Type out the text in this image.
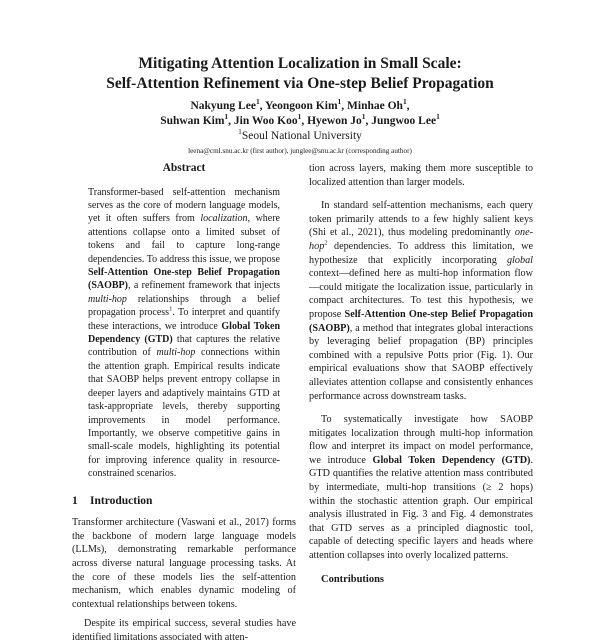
Mitigating Attention Localization in Small Scale:
Self-Attention Refinement via One-step Belief Propagation
Nakyung Lee$^1$, Yeongoon Kim$^1$, Minhae Oh$^1$,
Suhwan Kim$^1$, Jin Woo Koo$^1$, Hyewon Jo$^1$, Jungwoo Lee$^1$
$^1$Seoul National University
leena@cml.snu.ac.kr (first author), junglee@snu.ac.kr (corresponding author)
Abstract

Transformer-based self-attention mechanism serves as the core of modern language models, yet it often suffers from localization, where attentions collapse onto a limited subset of tokens and fail to capture long-range dependencies. To address this issue, we propose Self-Attention One-step Belief Propagation (SAOBP), a refinement framework that injects multi-hop relationships through a belief propagation process$^1$. To interpret and quantify these interactions, we introduce Global Token Dependency (GTD) that captures the relative contribution of multi-hop connections within the attention graph. Empirical results indicate that SAOBP helps prevent entropy collapse in deeper layers and adaptively maintains GTD at task-appropriate levels, thereby supporting improvements in model performance. Importantly, we observe competitive gains in small-scale models, highlighting its potential for improving inference quality in resource-constrained scenarios.

1 Introduction

Transformer architecture (Vaswani et al., 2017) forms the backbone of modern large language models (LLMs), demonstrating remarkable performance across diverse natural language processing tasks. At the core of these models lies the self-attention mechanism, which enables dynamic modeling of contextual relationships between tokens.

Despite its empirical success, several studies have identified limitations associated with atten-

tion across layers, making them more susceptible to localized attention than larger models.

In standard self-attention mechanisms, each query token primarily attends to a few highly salient keys (Shi et al., 2021), thus modeling predominantly one-hop$^2$ dependencies. To address this limitation, we hypothesize that explicitly incorporating global context—defined here as multi-hop information flow—could mitigate the localization issue, particularly in compact architectures. To test this hypothesis, we propose Self-Attention One-step Belief Propagation (SAOBP), a method that integrates global interactions by leveraging belief propagation (BP) principles combined with a repulsive Potts prior (Fig. 1). Our empirical evaluations show that SAOBP effectively alleviates attention collapse and consistently enhances performance across downstream tasks.

To systematically investigate how SAOBP mitigates localization through multi-hop information flow and interpret its impact on model performance, we introduce Global Token Dependency (GTD). GTD quantifies the relative attention mass contributed by intermediate, multi-hop transitions (≥ 2 hops) within the stochastic attention graph. Our empirical analysis illustrated in Fig. 3 and Fig. 4 demonstrates that GTD serves as a principled diagnostic tool, capable of detecting specific layers and heads where attention collapses into overly localized patterns.

Contributions
